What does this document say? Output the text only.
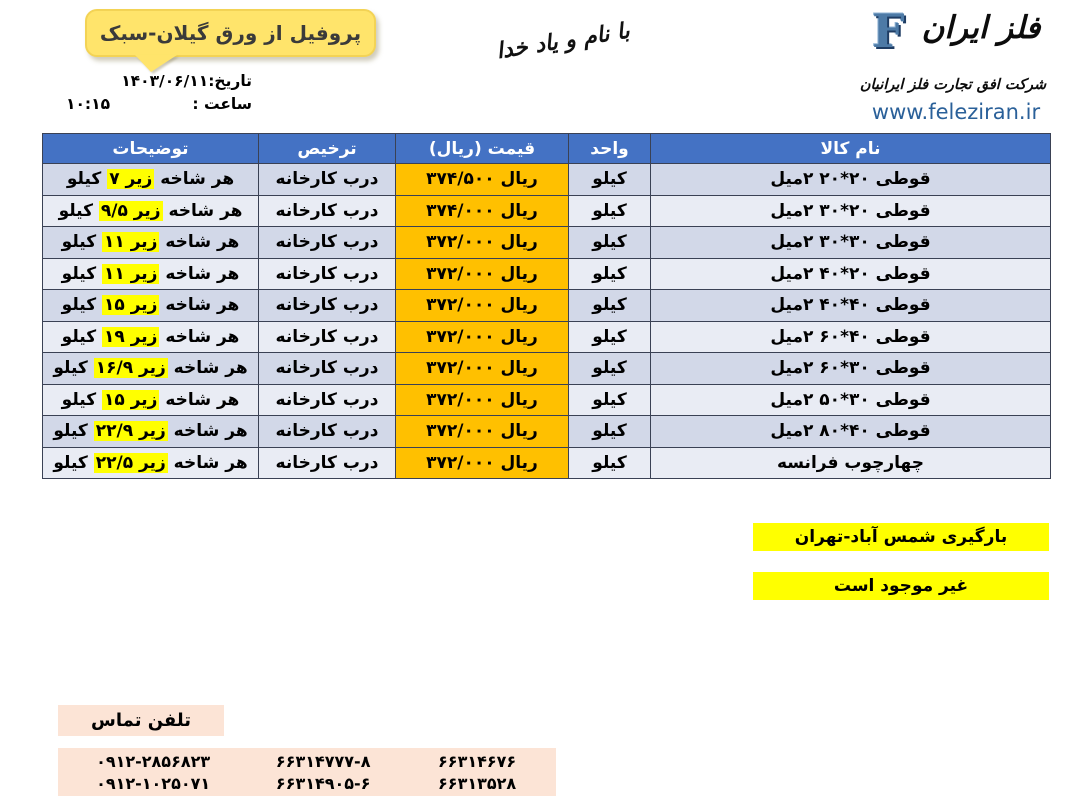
پروفیل از ورق گیلان-سبک
تاریخ:۱۴۰۳/۰۶/۱۱
ساعت :
۱۰:۱۵
با نام و یاد خدا	F فلز ایران
شرکت افق تجارت فلز ایرانیان
www.feleziran.ir
نام کالا	واحد	قیمت (ریال)	ترخیص	توضیحات
قوطی ۲۰*۲۰ ۲میل	کیلو	۳۷۴/۵۰۰ ریال	درب کارخانه	هر شاخه زیر ۷ کیلو
قوطی ۲۰*۳۰ ۲میل	کیلو	۳۷۴/۰۰۰ ریال	درب کارخانه	هر شاخه زیر ۹/۵ کیلو
قوطی ۳۰*۳۰ ۲میل	کیلو	۳۷۲/۰۰۰ ریال	درب کارخانه	هر شاخه زیر ۱۱ کیلو
قوطی ۲۰*۴۰ ۲میل	کیلو	۳۷۲/۰۰۰ ریال	درب کارخانه	هر شاخه زیر ۱۱ کیلو
قوطی ۴۰*۴۰ ۲میل	کیلو	۳۷۲/۰۰۰ ریال	درب کارخانه	هر شاخه زیر ۱۵ کیلو
قوطی ۴۰*۶۰ ۲میل	کیلو	۳۷۲/۰۰۰ ریال	درب کارخانه	هر شاخه زیر ۱۹ کیلو
قوطی ۳۰*۶۰ ۲میل	کیلو	۳۷۲/۰۰۰ ریال	درب کارخانه	هر شاخه زیر ۱۶/۹ کیلو
قوطی ۳۰*۵۰ ۲میل	کیلو	۳۷۲/۰۰۰ ریال	درب کارخانه	هر شاخه زیر ۱۵ کیلو
قوطی ۴۰*۸۰ ۲میل	کیلو	۳۷۲/۰۰۰ ریال	درب کارخانه	هر شاخه زیر ۲۲/۹ کیلو
چهارچوب فرانسه	کیلو	۳۷۲/۰۰۰ ریال	درب کارخانه	هر شاخه زیر ۲۲/۵ کیلو
بارگیری شمس آباد-تهران
غیر موجود است
تلفن تماس
۰۹۱۲-۲۸۵۶۸۲۳	۶۶۳۱۴۷۷۷-۸	۶۶۳۱۴۶۷۶
۰۹۱۲-۱۰۲۵۰۷۱	۶۶۳۱۴۹۰۵-۶	۶۶۳۱۳۵۲۸
